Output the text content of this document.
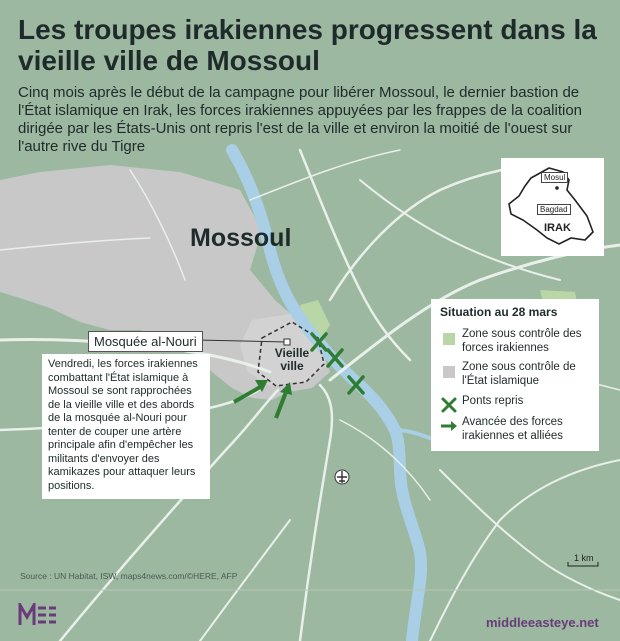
Les troupes irakiennes progressent dans la vieille ville de Mossoul

Cinq mois après le début de la campagne pour libérer Mossoul, le dernier bastion de l'État islamique en Irak, les forces irakiennes appuyées par les frappes de la coalition dirigée par les États-Unis ont repris l'est de la ville et environ la moitié de l'ouest sur l'autre rive du Tigre

Mossoul
Mosquée al-Nouri
Vieille ville
Vendredi, les forces irakiennes combattant l'État islamique à Mossoul se sont rapprochées de la vieille ville et des abords de la mosquée al-Nouri pour tenter de couper une artère principale afin d'empêcher les militants d'envoyer des kamikazes pour attaquer leurs positions.
Situation au 28 mars
Zone sous contrôle des forces irakiennes
Zone sous contrôle de l'État islamique
Ponts repris
Avancée des forces irakiennes et alliées
Mosul
Bagdad
IRAK
1 km
Source : UN Habitat, ISW, maps4news.com/©HERE, AFP
middleeasteye.net
